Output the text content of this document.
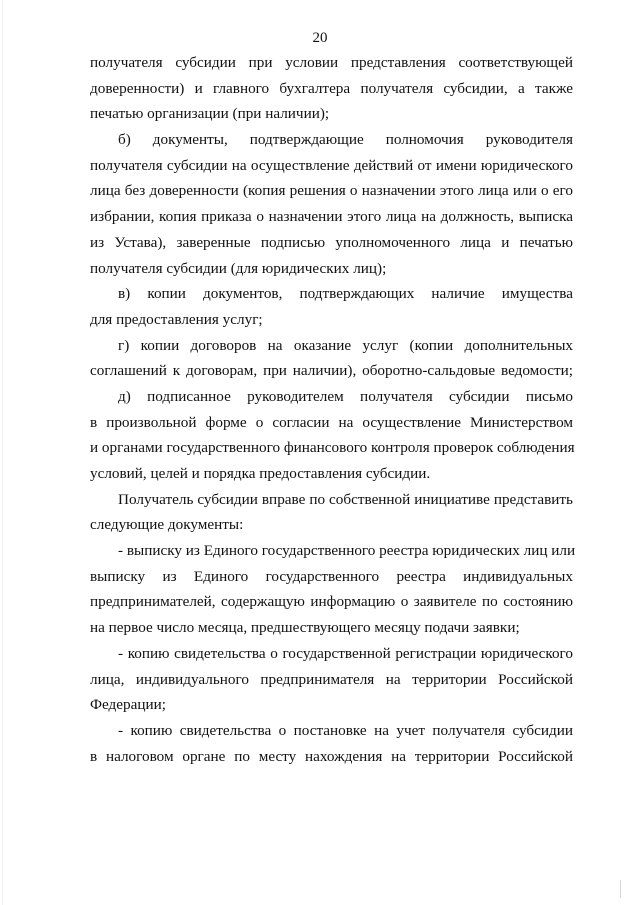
20
получателя субсидии при условии представления соответствующей
доверенности) и главного бухгалтера получателя субсидии, а также
печатью организации (при наличии);
б) документы, подтверждающие полномочия руководителя
получателя субсидии на осуществление действий от имени юридического
лица без доверенности (копия решения о назначении этого лица или о его
избрании, копия приказа о назначении этого лица на должность, выписка
из Устава), заверенные подписью уполномоченного лица и печатью
получателя субсидии (для юридических лиц);
в) копии документов, подтверждающих наличие имущества
для предоставления услуг;
г) копии договоров на оказание услуг (копии дополнительных
соглашений к договорам, при наличии), оборотно-сальдовые ведомости;
д) подписанное руководителем получателя субсидии письмо
в произвольной форме о согласии на осуществление Министерством
и органами государственного финансового контроля проверок соблюдения
условий, целей и порядка предоставления субсидии.
Получатель субсидии вправе по собственной инициативе представить
следующие документы:
- выписку из Единого государственного реестра юридических лиц или
выписку из Единого государственного реестра индивидуальных
предпринимателей, содержащую информацию о заявителе по состоянию
на первое число месяца, предшествующего месяцу подачи заявки;
- копию свидетельства о государственной регистрации юридического
лица, индивидуального предпринимателя на территории Российской
Федерации;
- копию свидетельства о постановке на учет получателя субсидии
в налоговом органе по месту нахождения на территории Российской
